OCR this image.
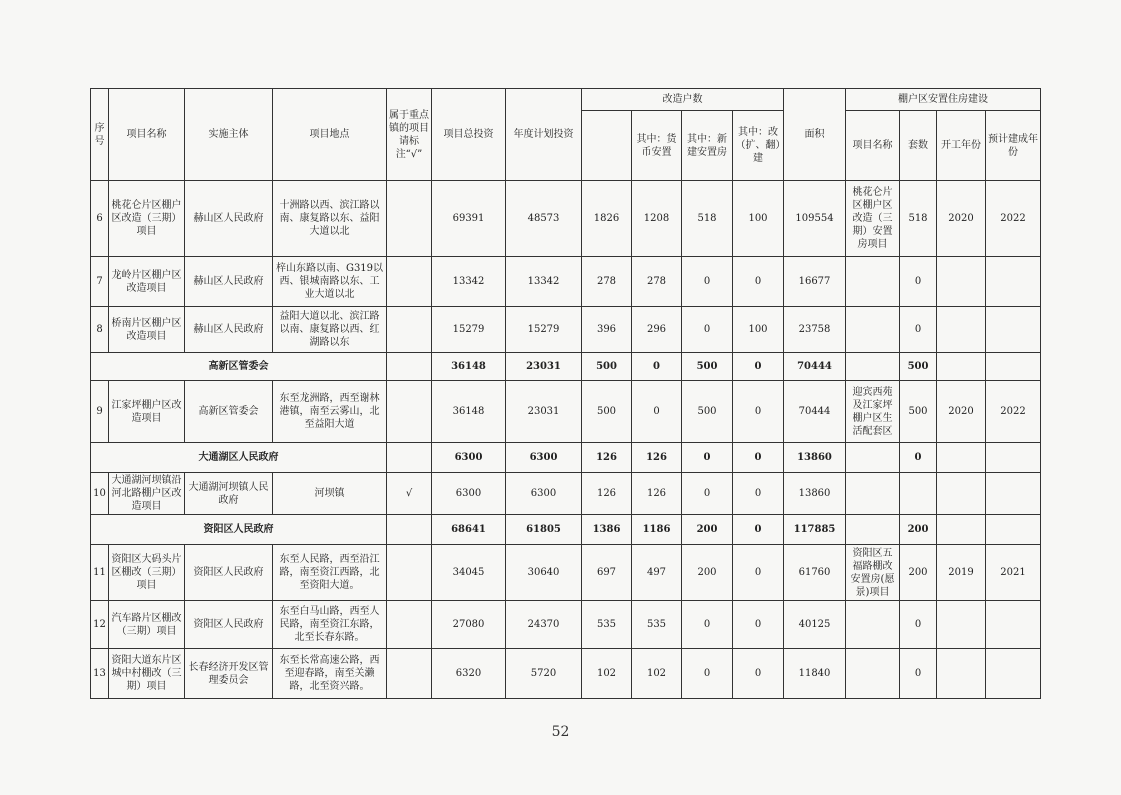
序号	项目名称	实施主体	项目地点	属于重点镇的项目请标注“√”	项目总投资	年度计划投资	改造户数				面积	棚户区安置住房建设			
								其中：货币安置	其中：新建安置房	其中：改（扩、翻）建		项目名称	套数	开工年份	预计建成年份
6	桃花仑片区棚户区改造（三期）项目	赫山区人民政府	十洲路以西、滨江路以南、康复路以东、益阳大道以北		69391	48573	1826	1208	518	100	109554	桃花仑片区棚户区改造（三期）安置房项目	518	2020	2022
7	龙岭片区棚户区改造项目	赫山区人民政府	梓山东路以南、G319以西、银城南路以东、工业大道以北		13342	13342	278	278	0	0	16677		0		
8	桥南片区棚户区改造项目	赫山区人民政府	益阳大道以北、滨江路以南、康复路以西、红湖路以东		15279	15279	396	296	0	100	23758		0		
高新区管委会					36148	23031	500	0	500	0	70444		500		
9	江家坪棚户区改造项目	高新区管委会	东至龙洲路，西至谢林港镇，南至云雾山，北至益阳大道		36148	23031	500	0	500	0	70444	迎宾西苑及江家坪棚户区生活配套区	500	2020	2022
大通湖区人民政府					6300	6300	126	126	0	0	13860		0		
10	大通湖河坝镇沿河北路棚户区改造项目	大通湖河坝镇人民政府	河坝镇	√	6300	6300	126	126	0	0	13860				
资阳区人民政府					68641	61805	1386	1186	200	0	117885		200		
11	资阳区大码头片区棚改（三期）项目	资阳区人民政府	东至人民路，西至沿江路，南至资江西路，北至资阳大道。		34045	30640	697	497	200	0	61760	资阳区五福路棚改安置房(愿景)项目	200	2019	2021
12	汽车路片区棚改（三期）项目	资阳区人民政府	东至白马山路，西至人民路，南至资江东路，北至长春东路。		27080	24370	535	535	0	0	40125		0		
13	资阳大道东片区城中村棚改（三期）项目	长春经济开发区管理委员会	东至长常高速公路，西至迎春路，南至关濑路，北至资兴路。		6320	5720	102	102	0	0	11840		0		
52
